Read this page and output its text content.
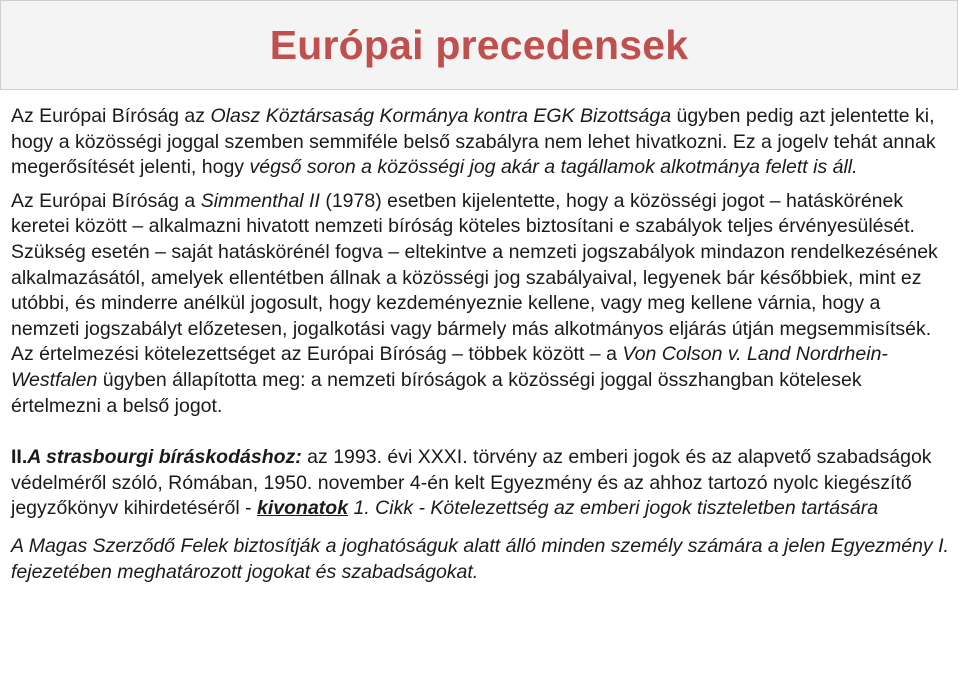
Európai precedensek

Az Európai Bíróság az Olasz Köztársaság Kormánya kontra EGK Bizottsága ügyben pedig azt jelentette ki, hogy a közösségi joggal szemben semmiféle belső szabályra nem lehet hivatkozni. Ez a jogelv tehát annak megerősítését jelenti, hogy végső soron a közösségi jog akár a tagállamok alkotmánya felett is áll.

Az Európai Bíróság a Simmenthal II (1978) esetben kijelentette, hogy a közösségi jogot – hatáskörének keretei között – alkalmazni hivatott nemzeti bíróság köteles biztosítani e szabályok teljes érvényesülését. Szükség esetén – saját hatáskörénél fogva – eltekintve a nemzeti jogszabályok mindazon rendelkezésének alkalmazásától, amelyek ellentétben állnak a közösségi jog szabályaival, legyenek bár későbbiek, mint ez utóbbi, és minderre anélkül jogosult, hogy kezdeményeznie kellene, vagy meg kellene várnia, hogy a nemzeti jogszabályt előzetesen, jogalkotási vagy bármely más alkotmányos eljárás útján megsemmisítsék. Az értelmezési kötelezettséget az Európai Bíróság – többek között – a Von Colson v. Land Nordrhein-Westfalen ügyben állapította meg: a nemzeti bíróságok a közösségi joggal összhangban kötelesek értelmezni a belső jogot.

II.A strasbourgi bíráskodáshoz: az 1993. évi XXXI. törvény az emberi jogok és az alapvető szabadságok védelméről szóló, Rómában, 1950. november 4-én kelt Egyezmény és az ahhoz tartozó nyolc kiegészítő jegyzőkönyv kihirdetéséről - kivonatok 1. Cikk - Kötelezettség az emberi jogok tiszteletben tartására

A Magas Szerződő Felek biztosítják a joghatóságuk alatt álló minden személy számára a jelen Egyezmény I. fejezetében meghatározott jogokat és szabadságokat.
